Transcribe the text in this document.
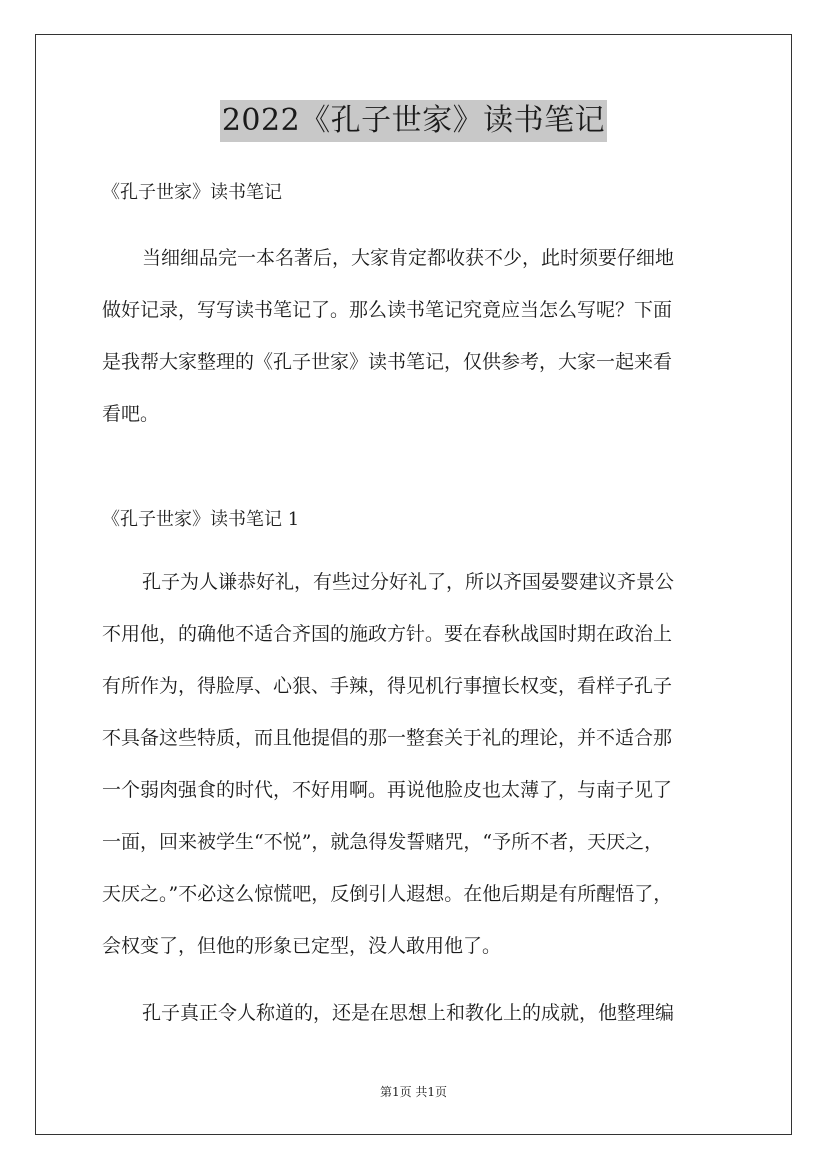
2022《孔子世家》读书笔记
《孔子世家》读书笔记
当细细品完一本名著后，大家肯定都收获不少，此时须要仔细地
做好记录，写写读书笔记了。那么读书笔记究竟应当怎么写呢？下面
是我帮大家整理的《孔子世家》读书笔记，仅供参考，大家一起来看
看吧。
《孔子世家》读书笔记 1
孔子为人谦恭好礼，有些过分好礼了，所以齐国晏婴建议齐景公
不用他，的确他不适合齐国的施政方针。要在春秋战国时期在政治上
有所作为，得脸厚、心狠、手辣，得见机行事擅长权变，看样子孔子
不具备这些特质，而且他提倡的那一整套关于礼的理论，并不适合那
一个弱肉强食的时代，不好用啊。再说他脸皮也太薄了，与南子见了
一面，回来被学生“不悦”，就急得发誓赌咒，“予所不者，天厌之，
天厌之。”不必这么惊慌吧，反倒引人遐想。在他后期是有所醒悟了，
会权变了，但他的形象已定型，没人敢用他了。
孔子真正令人称道的，还是在思想上和教化上的成就，他整理编
第1页 共1页
